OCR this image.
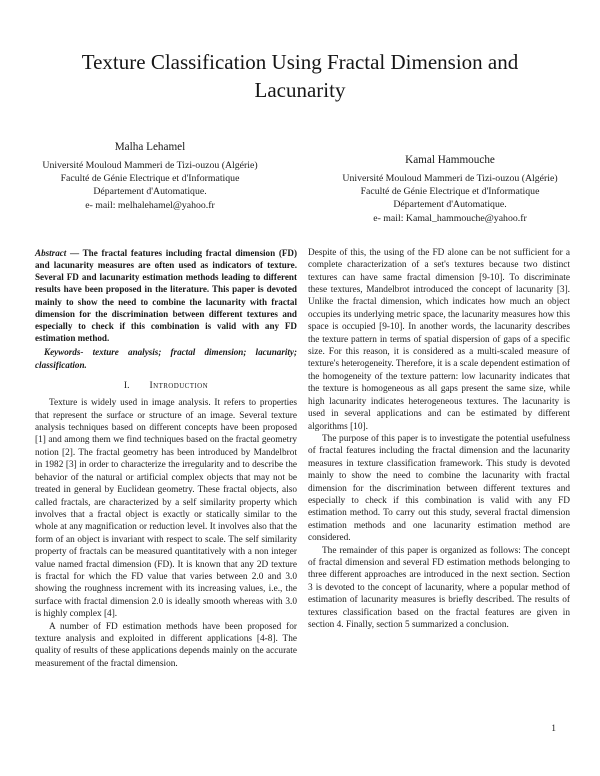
Texture Classification Using Fractal Dimension and
Lacunarity
Malha Lehamel
Université Mouloud Mammeri de Tizi-ouzou (Algérie)
Faculté de Génie Electrique et d'Informatique
Département d'Automatique.
e- mail: melhalehamel@yahoo.fr
Kamal Hammouche
Université Mouloud Mammeri de Tizi-ouzou (Algérie)
Faculté de Génie Electrique et d'Informatique
Département d'Automatique.
e- mail: Kamal_hammouche@yahoo.fr

Abstract — The fractal features including fractal dimension (FD) and lacunarity measures are often used as indicators of texture. Several FD and lacunarity estimation methods leading to different results have been proposed in the literature. This paper is devoted mainly to show the need to combine the lacunarity with fractal dimension for the discrimination between different textures and especially to check if this combination is valid with any FD estimation method.

Keywords- texture analysis; fractal dimension; lacunarity; classification.

I. Introduction

Texture is widely used in image analysis. It refers to properties that represent the surface or structure of an image. Several texture analysis techniques based on different concepts have been proposed [1] and among them we find techniques based on the fractal geometry notion [2]. The fractal geometry has been introduced by Mandelbrot in 1982 [3] in order to characterize the irregularity and to describe the behavior of the natural or artificial complex objects that may not be treated in general by Euclidean geometry. These fractal objects, also called fractals, are characterized by a self similarity property which involves that a fractal object is exactly or statically similar to the whole at any magnification or reduction level. It involves also that the form of an object is invariant with respect to scale. The self similarity property of fractals can be measured quantitatively with a non integer value named fractal dimension (FD). It is known that any 2D texture is fractal for which the FD value that varies between 2.0 and 3.0 showing the roughness increment with its increasing values, i.e., the surface with fractal dimension 2.0 is ideally smooth whereas with 3.0 is highly complex [4].

A number of FD estimation methods have been proposed for texture analysis and exploited in different applications [4-8]. The quality of results of these applications depends mainly on the accurate measurement of the fractal dimension.

Despite of this, the using of the FD alone can be not sufficient for a complete characterization of a set's textures because two distinct textures can have same fractal dimension [9-10]. To discriminate these textures, Mandelbrot introduced the concept of lacunarity [3]. Unlike the fractal dimension, which indicates how much an object occupies its underlying metric space, the lacunarity measures how this space is occupied [9-10]. In another words, the lacunarity describes the texture pattern in terms of spatial dispersion of gaps of a specific size. For this reason, it is considered as a multi-scaled measure of texture's heterogeneity. Therefore, it is a scale dependent estimation of the homogeneity of the texture pattern: low lacunarity indicates that the texture is homogeneous as all gaps present the same size, while high lacunarity indicates heterogeneous textures. The lacunarity is used in several applications and can be estimated by different algorithms [10].

The purpose of this paper is to investigate the potential usefulness of fractal features including the fractal dimension and the lacunarity measures in texture classification framework. This study is devoted mainly to show the need to combine the lacunarity with fractal dimension for the discrimination between different textures and especially to check if this combination is valid with any FD estimation method. To carry out this study, several fractal dimension estimation methods and one lacunarity estimation method are considered.

The remainder of this paper is organized as follows: The concept of fractal dimension and several FD estimation methods belonging to three different approaches are introduced in the next section. Section 3 is devoted to the concept of lacunarity, where a popular method of estimation of lacunarity measures is briefly described. The results of textures classification based on the fractal features are given in section 4. Finally, section 5 summarized a conclusion.

1
